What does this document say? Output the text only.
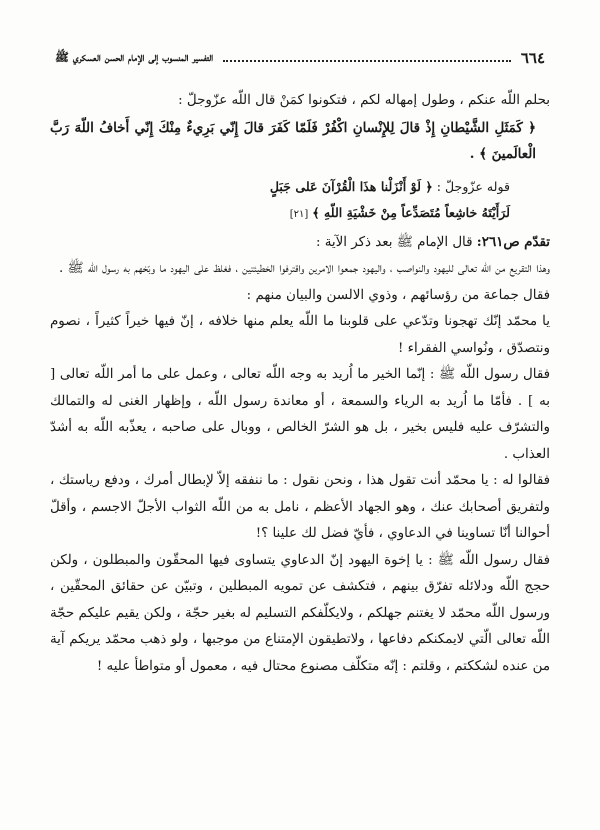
٦٦٤
التفسير المنسوب إلى الإمام الحسن العسكري ﷺ

بحلم اللّه عنكم ، وطول إمهاله لكم ، فتكونوا كمَنْ قال اللّه عزّوجلّ :

﴿ كَمَثَلِ الشَّيْطانِ إِذْ قالَ لِلإِنْسانِ اكْفُرْ فَلَمّا كَفَرَ قالَ إِنّي بَرِيءٌ مِنْكَ إِنّي أَخافُ اللّهَ رَبَّ الْعالَمينَ ﴾ .

قوله عزّوجلّ : ﴿ لَوْ أَنْزَلْنا هذَا الْقُرْآنَ عَلى جَبَلٍ

لَرَأَيْتَهُ خاشِعاً مُتَصَدِّعاً مِنْ خَشْيَةِ اللّهِ ﴾ [٢١]

تقدّم ص٢٦١: قال الإمام ﷺ بعد ذكر الآية :

وهذا التقريع من اللّه تعالى لليهود والنواصب ، واليهود جمعوا الامرين واقترفوا الخطيئتين ، فغلظ على اليهود ما وبّخهم به رسول اللّه ﷺ .

فقال جماعة من رؤسائهم ، وذوي الالسن والبيان منهم :

يا محمّد إنّك تهجونا وتدّعي على قلوبنا ما اللّه يعلم منها خلافه ، إنّ فيها خيراً كثيراً ، نصوم ونتصدّق ، ونُواسي الفقراء !

فقال رسول اللّه ﷺ : إنّما الخير ما اُريد به وجه اللّه تعالى ، وعمل على ما أمر اللّه تعالى [ به ] . فأمّا ما اُريد به الرياء والسمعة ، أو معاندة رسول اللّه ، وإظهار الغنى له والتمالك والتشرّف عليه فليس بخير ، بل هو الشرّ الخالص ، ووبال على صاحبه ، يعذّبه اللّه به أشدّ العذاب .

فقالوا له : يا محمّد أنت تقول هذا ، ونحن نقول : ما ننفقه إلاّ لإبطال أمرك ، ودفع رياستك ، ولتفريق أصحابك عنك ، وهو الجهاد الأعظم ، نامل به من اللّه الثواب الأجلّ الاجسم ، وأقلّ أحوالنا أنّا تساوينا في الدعاوي ، فأيّ فضل لك علينا ؟!

فقال رسول اللّه ﷺ : يا إخوة اليهود إنّ الدعاوي يتساوى فيها المحقّون والمبطلون ، ولكن حجج اللّه ودلائله تفرّق بينهم ، فتكشف عن تمويه المبطلين ، وتبيّن عن حقائق المحقّين ، ورسول اللّه محمّد لا يغتنم جهلكم ، ولايكلّفكم التسليم له بغير حجّة ، ولكن يقيم عليكم حجّة اللّه تعالى الّتي لايمكنكم دفاعها ، ولاتطيقون الإمتناع من موجبها ، ولو ذهب محمّد يريكم آية من عنده لشككتم ، وقلتم : إنّه متكلّف مصنوع محتال فيه ، معمول أو متواطأ عليه !
